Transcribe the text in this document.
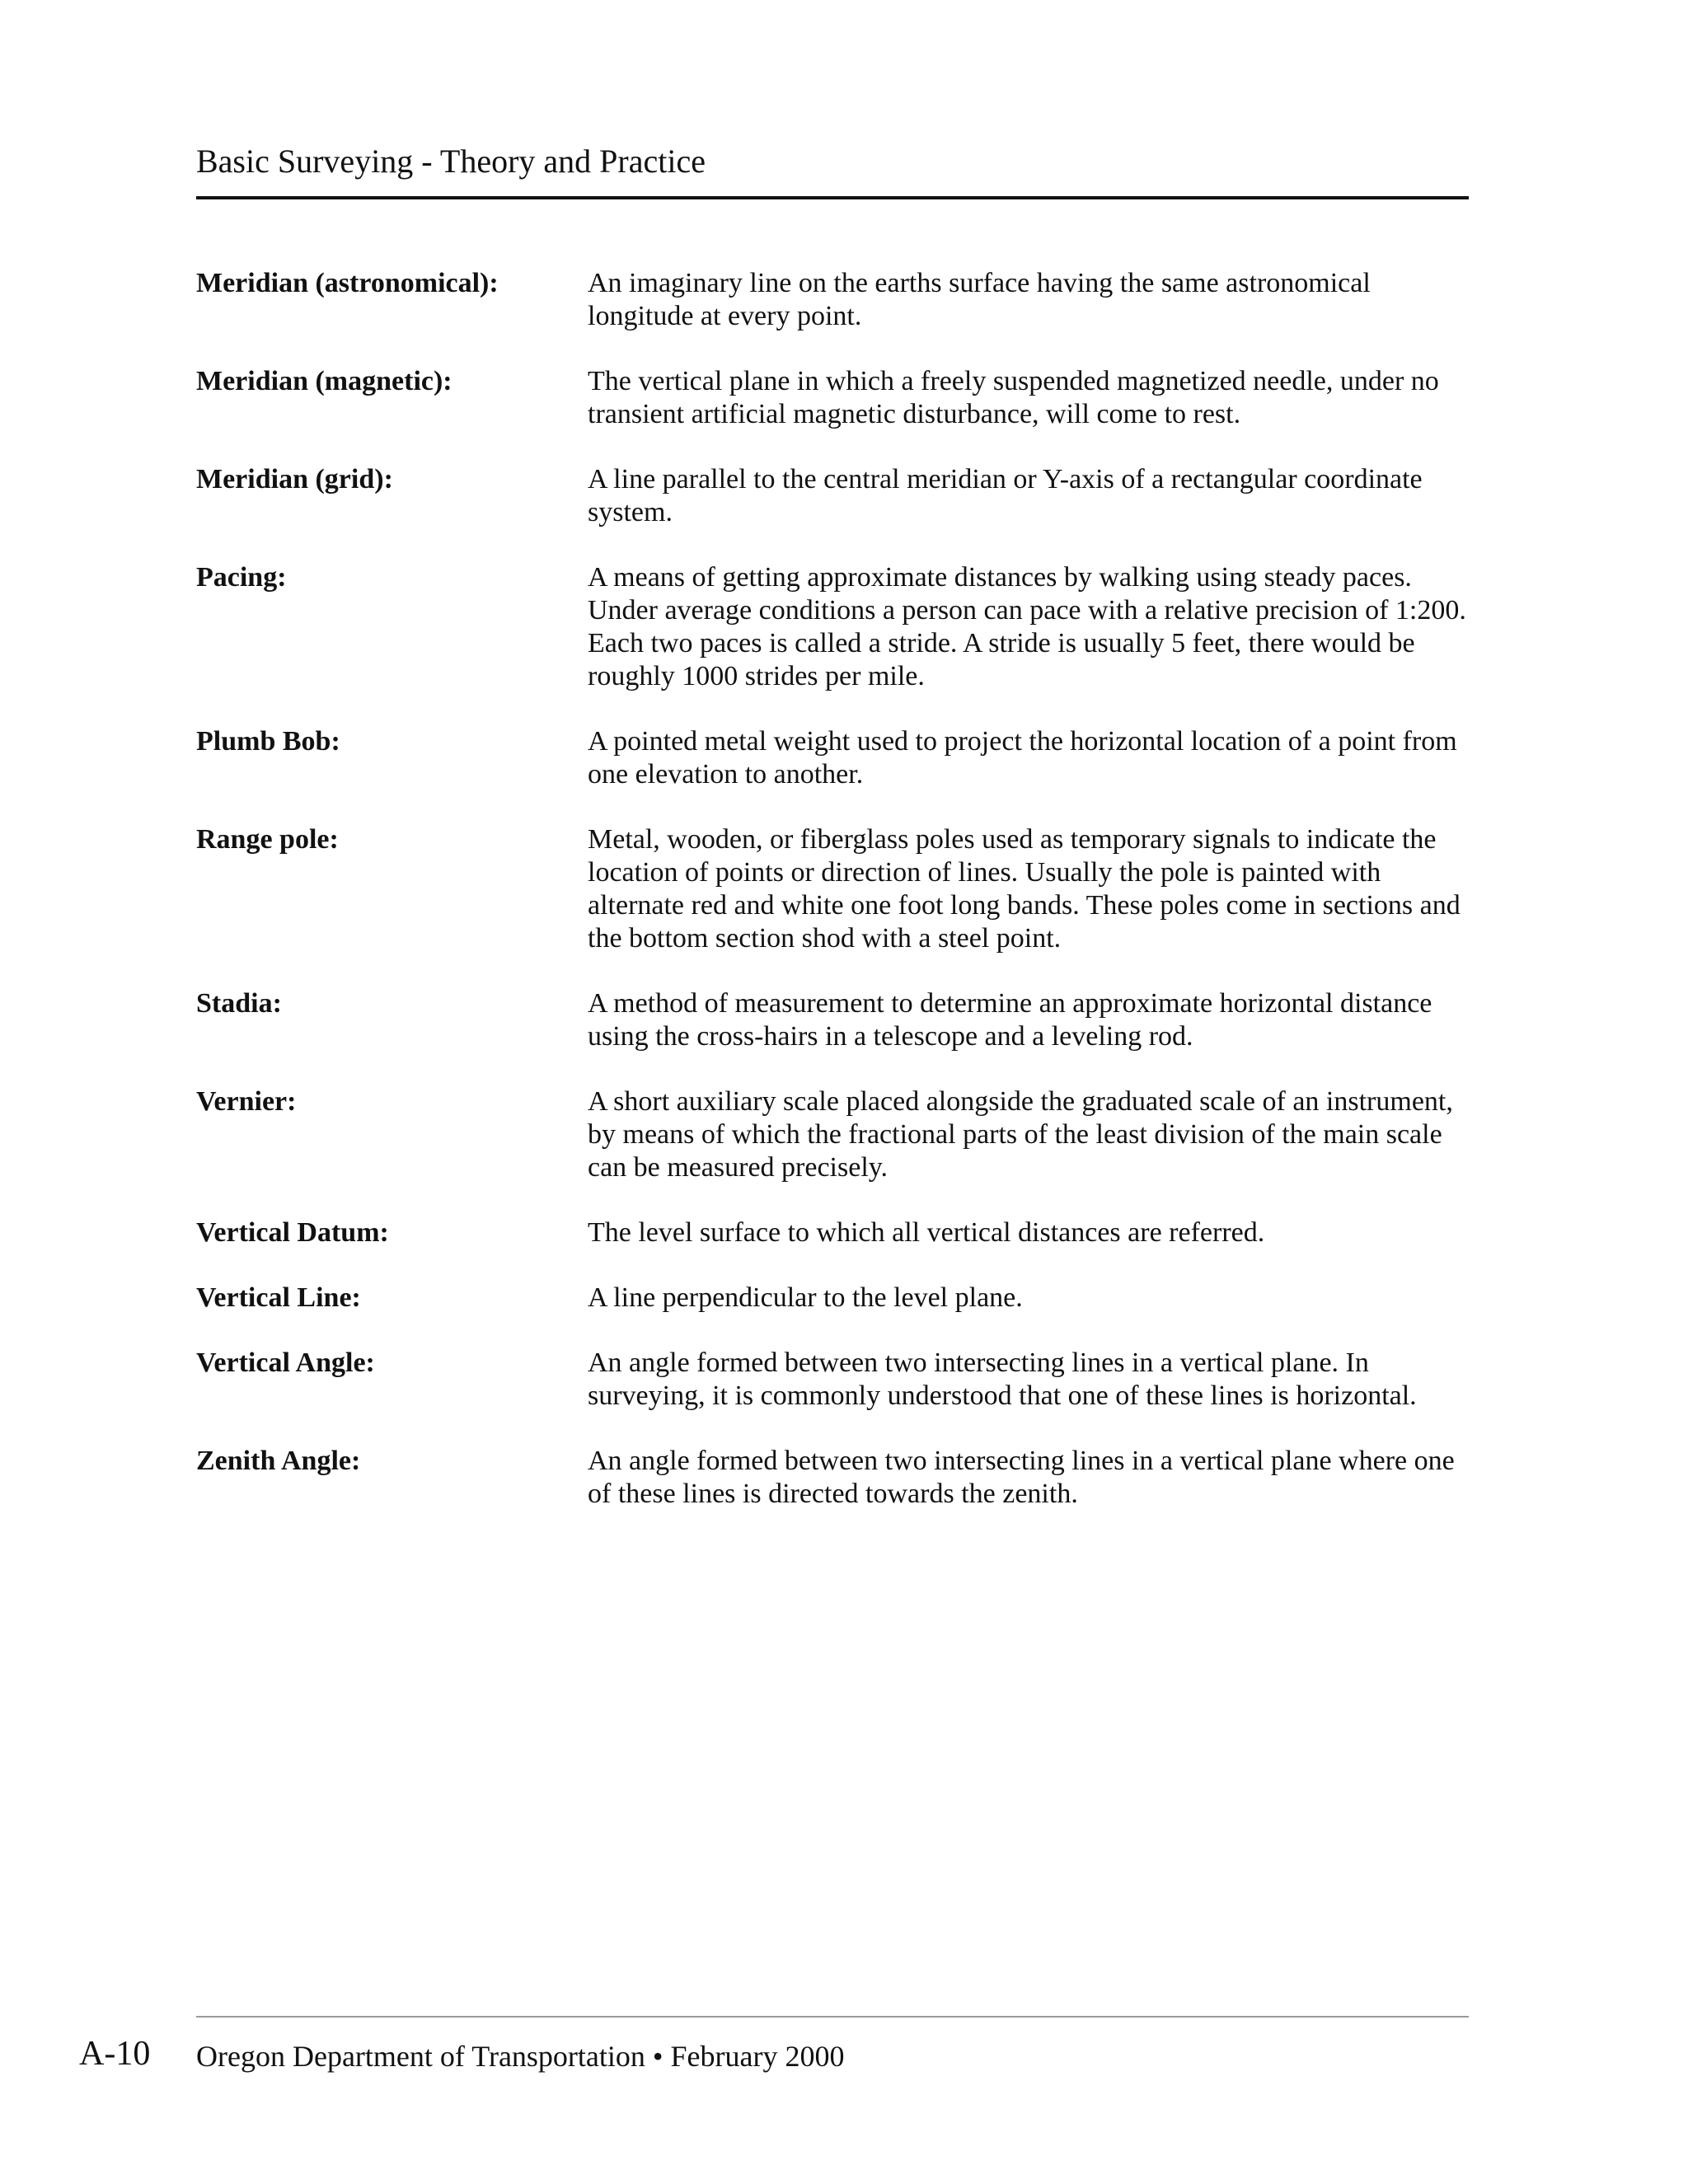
Basic Surveying - Theory and Practice
Meridian (astronomical):	An imaginary line on the earths surface having the same astronomical longitude at every point.
Meridian (magnetic):	The vertical plane in which a freely suspended magnetized needle, under no transient artificial magnetic disturbance, will come to rest.
Meridian (grid):	A line parallel to the central meridian or Y-axis of a rectangular coordinate system.
Pacing:	A means of getting approximate distances by walking using steady paces. Under average conditions a person can pace with a relative precision of 1:200. Each two paces is called a stride. A stride is usually 5 feet, there would be roughly 1000 strides per mile.
Plumb Bob:	A pointed metal weight used to project the horizontal location of a point from one elevation to another.
Range pole:	Metal, wooden, or fiberglass poles used as temporary signals to indicate the location of points or direction of lines. Usually the pole is painted with alternate red and white one foot long bands. These poles come in sections and the bottom section shod with a steel point.
Stadia:	A method of measurement to determine an approximate horizontal distance using the cross-hairs in a telescope and a leveling rod.
Vernier:	A short auxiliary scale placed alongside the graduated scale of an instrument, by means of which the fractional parts of the least division of the main scale can be measured precisely.
Vertical Datum:	The level surface to which all vertical distances are referred.
Vertical Line:	A line perpendicular to the level plane.
Vertical Angle:	An angle formed between two intersecting lines in a vertical plane. In surveying, it is commonly understood that one of these lines is horizontal.
Zenith Angle:	An angle formed between two intersecting lines in a vertical plane where one of these lines is directed towards the zenith.
A-10 Oregon Department of Transportation • February 2000
